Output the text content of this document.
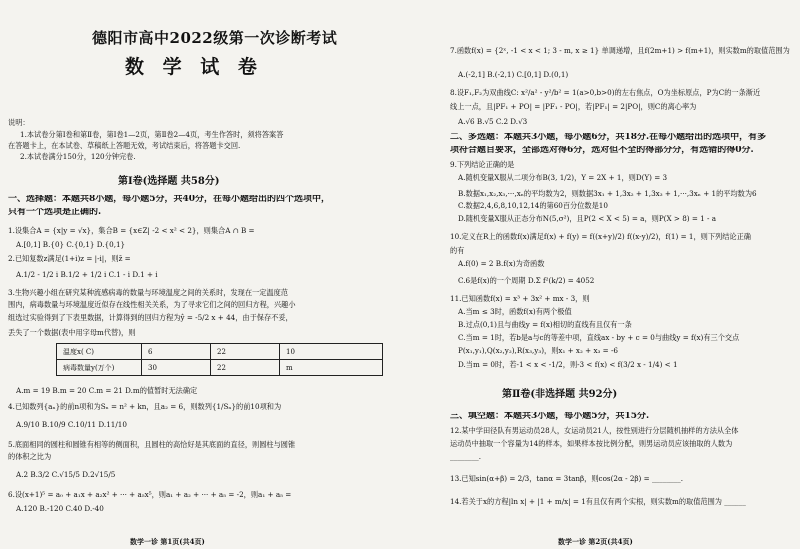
德阳市高中2022级第一次诊断考试
数 学 试 卷
说明：
1.本试卷分第Ⅰ卷和第Ⅱ卷，第Ⅰ卷1—2页，第Ⅱ卷2—4页，考生作答时，须将答案答
在答题卡上，在本试卷、草稿纸上答题无效，考试结束后，将答题卡交回.
2.本试卷满分150分，120分钟完卷.
第Ⅰ卷(选择题 共58分)
一、选择题：本题共8小题，每小题5分，共40分，在每小题给出的四个选项中，
只有一个选项是正确的.
1.设集合A = {x|y = √x}，集合B = {x∈Z| -2 < x² < 2}，则集合A ∩ B =
A.[0,1] B.{0} C.{0,1} D.{0,1}
2.已知复数z满足(1+i)z = |-i|，则z̄ =
A.1/2 - 1/2 i B.1/2 + 1/2 i C.1 - i D.1 + i
3.生物兴趣小组在研究某种流感病毒的数量与环境温度之间的关系时，发现在一定温度范
围内，病毒数量与环境温度近似存在线性相关关系，为了寻求它们之间的回归方程，兴趣小
组选过实验得到了下表里数据，计算得到的回归方程为ŷ = -5/2 x + 44，由于保存不妥，
丢失了一个数据(表中用字母m代替)，则
温度x( C)	6	22	10
病毒数量y(万个)	30	22	m
A.m = 19 B.m = 20 C.m = 21 D.m的值暂时无法确定
4.已知数列{aₙ}的前n项和为Sₙ = n² + kn，且a₂ = 6，则数列{1/Sₙ}的前10项和为
A.9/10 B.10/9 C.10/11 D.11/10
5.底面相同的圆柱和圆锥有相等的侧面积，且圆柱的高恰好是其底面的直径，则圆柱与圆锥
的体积之比为
A.2 B.3/2 C.√15/5 D.2√15/5
6.设(x+1)⁵ = a₀ + a₁x + a₂x² + ··· + a₅x⁵，则a₁ + a₂ + ··· + a₅ = -2，则a₁ + a₅ =
A.120 B.-120 C.40 D.-40
数学一诊 第1页(共4页)
7.函数f(x) = {2ˣ, -1 < x < 1; 3 - m, x ≥ 1} 单调递增，且f(2m+1) > f(m+1)，则实数m的取值范围为
A.(-2,1] B.(-2,1) C.[0,1] D.(0,1)
8.设F₁,F₂为双曲线C: x²/a² - y²/b² = 1(a>0,b>0)的左右焦点，O为坐标原点，P为C的一条渐近
线上一点，且|PF₁ + PO| = |PF₁ - PO|，若|PF₁| = 2|PO|，则C的离心率为
A.√6 B.√5 C.2 D.√3
二、多选题：本题共3小题，每小题6分，共18分.在每小题给出的选项中，有多
项符合题目要求，全部选对得6分，选对但不全的得部分分，有选错的得0分.
9.下列结论正确的是
A.随机变量X服从二项分布B(3, 1/2)，Y = 2X + 1，则D(Y) = 3
B.数据x₁,x₂,x₃,···,xₙ的平均数为2，则数据3x₁ + 1,3x₂ + 1,3x₃ + 1,···,3xₙ + 1的平均数为6
C.数据2,4,6,8,10,12,14的第60百分位数是10
D.随机变量X服从正态分布N(5,σ²)，且P(2 < X < 5) = a，则P(X > 8) = 1 - a
10.定义在R上的函数f(x)满足f(x) + f(y) = f((x+y)/2) f((x-y)/2)，f(1) = 1，则下列结论正确
的有
A.f(0) = 2 B.f(x)为奇函数
C.6是f(x)的一个周期 D.Σ f²(k/2) = 4052
11.已知函数f(x) = x³ + 3x² + mx - 3，则
A.当m ≤ 3时，函数f(x)有两个极值
B.过点(0,1)且与曲线y = f(x)相切的直线有且仅有一条
C.当m = 1时，若b是a与c的等差中项，直线ax - by + c = 0与曲线y = f(x)有三个交点
P(x₁,y₁),Q(x₂,y₂),R(x₃,y₃)，则x₁ + x₂ + x₃ = -6
D.当m = 0时，若-1 < x < -1/2，则-3 < f(x) < f(3/2 x - 1/4) < 1
第Ⅱ卷(非选择题 共92分)
三、填空题：本题共3小题，每小题5分，共15分.
12.某中学田径队有男运动员28人，女运动员21人，按性别进行分层随机抽样的方法从全体
运动员中抽取一个容量为14的样本，如果样本按比例分配，则男运动员应该抽取的人数为
________.
13.已知sin(α+β) = 2/3，tanα = 3tanβ，则cos(2α - 2β) = ________.
14.若关于x的方程|ln x| + |1 + m/x| = 1有且仅有两个实根，则实数m的取值范围为 ______
数学一诊 第2页(共4页)
